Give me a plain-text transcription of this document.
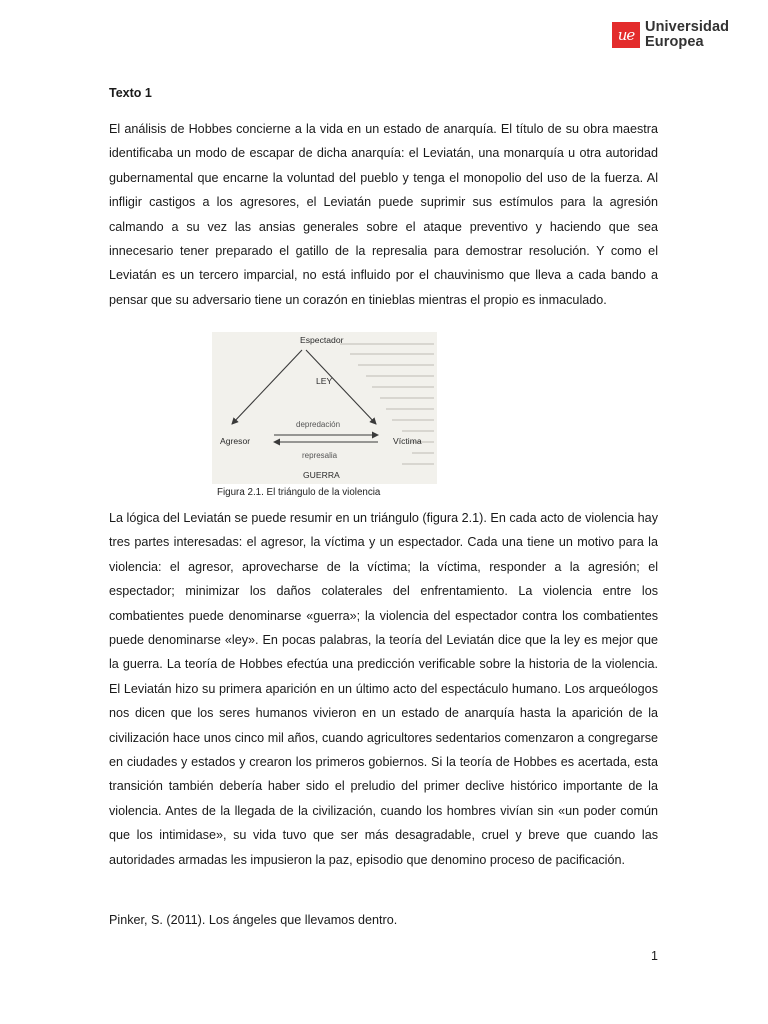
ue Universidad
Europea
Texto 1

El análisis de Hobbes concierne a la vida en un estado de anarquía. El título de su obra maestra identificaba un modo de escapar de dicha anarquía: el Leviatán, una monarquía u otra autoridad gubernamental que encarne la voluntad del pueblo y tenga el monopolio del uso de la fuerza. Al infligir castigos a los agresores, el Leviatán puede suprimir sus estímulos para la agresión calmando a su vez las ansias generales sobre el ataque preventivo y haciendo que sea innecesario tener preparado el gatillo de la represalia para demostrar resolución. Y como el Leviatán es un tercero imparcial, no está influido por el chauvinismo que lleva a cada bando a pensar que su adversario tiene un corazón en tinieblas mientras el propio es inmaculado.

Espectador
LEY
depredación
Agresor	Víctima
represalia
GUERRA
Figura 2.1. El triángulo de la violencia

La lógica del Leviatán se puede resumir en un triángulo (figura 2.1). En cada acto de violencia hay tres partes interesadas: el agresor, la víctima y un espectador. Cada una tiene un motivo para la violencia: el agresor, aprovecharse de la víctima; la víctima, responder a la agresión; el espectador; minimizar los daños colaterales del enfrentamiento. La violencia entre los combatientes puede denominarse «guerra»; la violencia del espectador contra los combatientes puede denominarse «ley». En pocas palabras, la teoría del Leviatán dice que la ley es mejor que la guerra. La teoría de Hobbes efectúa una predicción verificable sobre la historia de la violencia. El Leviatán hizo su primera aparición en un último acto del espectáculo humano. Los arqueólogos nos dicen que los seres humanos vivieron en un estado de anarquía hasta la aparición de la civilización hace unos cinco mil años, cuando agricultores sedentarios comenzaron a congregarse en ciudades y estados y crearon los primeros gobiernos. Si la teoría de Hobbes es acertada, esta transición también debería haber sido el preludio del primer declive histórico importante de la violencia. Antes de la llegada de la civilización, cuando los hombres vivían sin «un poder común que los intimidase», su vida tuvo que ser más desagradable, cruel y breve que cuando las autoridades armadas les impusieron la paz, episodio que denomino proceso de pacificación.

Pinker, S. (2011). Los ángeles que llevamos dentro.
1
